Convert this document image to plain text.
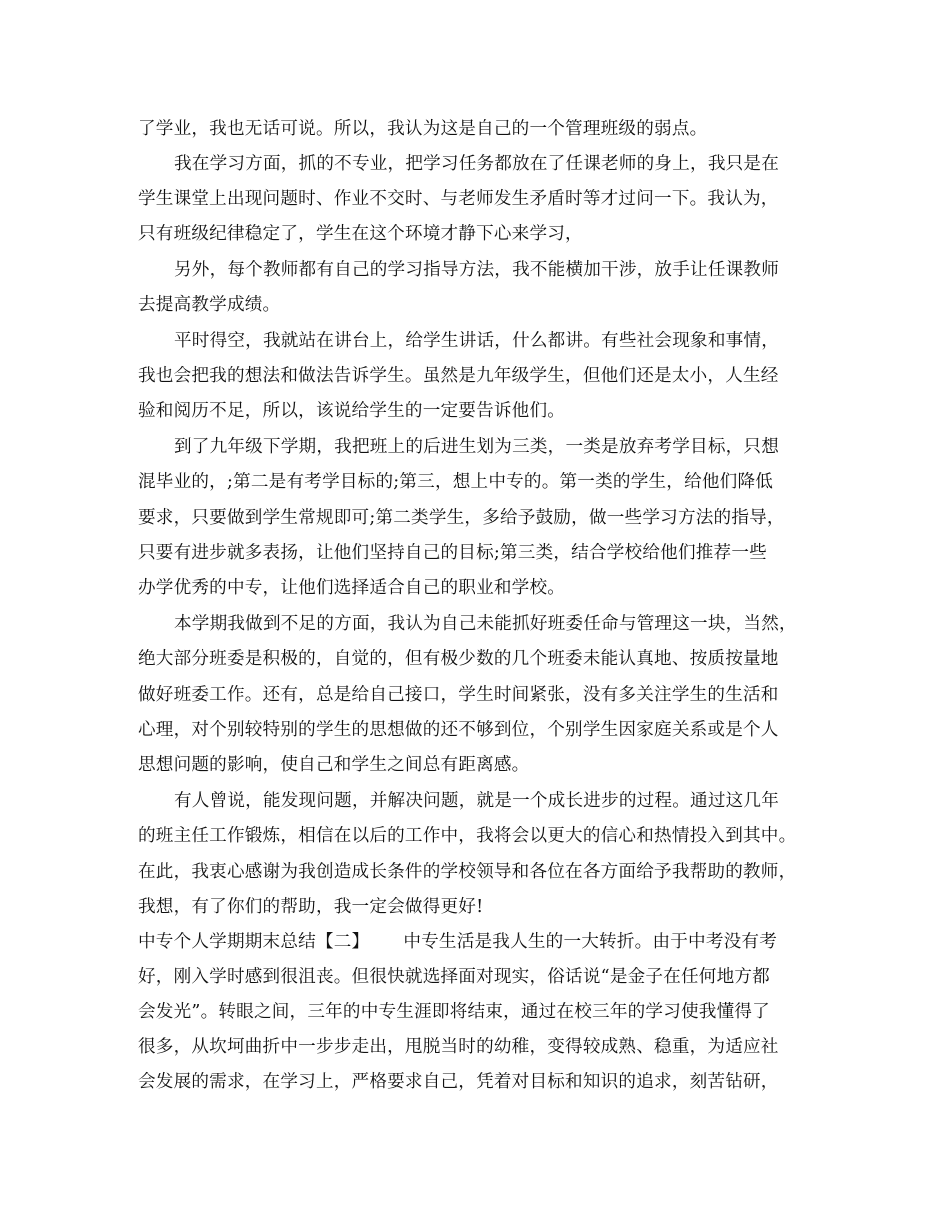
了学业，我也无话可说。所以，我认为这是自己的一个管理班级的弱点。
我在学习方面，抓的不专业，把学习任务都放在了任课老师的身上，我只是在
学生课堂上出现问题时、作业不交时、与老师发生矛盾时等才过问一下。我认为，
只有班级纪律稳定了，学生在这个环境才静下心来学习，
另外，每个教师都有自己的学习指导方法，我不能横加干涉，放手让任课教师
去提高教学成绩。
平时得空，我就站在讲台上，给学生讲话，什么都讲。有些社会现象和事情，
我也会把我的想法和做法告诉学生。虽然是九年级学生，但他们还是太小，人生经
验和阅历不足，所以，该说给学生的一定要告诉他们。
到了九年级下学期，我把班上的后进生划为三类，一类是放弃考学目标，只想
混毕业的，;第二是有考学目标的;第三，想上中专的。第一类的学生，给他们降低
要求，只要做到学生常规即可;第二类学生，多给予鼓励，做一些学习方法的指导，
只要有进步就多表扬，让他们坚持自己的目标;第三类，结合学校给他们推荐一些
办学优秀的中专，让他们选择适合自己的职业和学校。
本学期我做到不足的方面，我认为自己未能抓好班委任命与管理这一块，当然，
绝大部分班委是积极的，自觉的，但有极少数的几个班委未能认真地、按质按量地
做好班委工作。还有，总是给自己接口，学生时间紧张，没有多关注学生的生活和
心理，对个别较特别的学生的思想做的还不够到位，个别学生因家庭关系或是个人
思想问题的影响，使自己和学生之间总有距离感。
有人曾说，能发现问题，并解决问题，就是一个成长进步的过程。通过这几年
的班主任工作锻炼，相信在以后的工作中，我将会以更大的信心和热情投入到其中。
在此，我衷心感谢为我创造成长条件的学校领导和各位在各方面给予我帮助的教师，
我想，有了你们的帮助，我一定会做得更好!
中专个人学期期末总结【二】 中专生活是我人生的一大转折。由于中考没有考
好，刚入学时感到很沮丧。但很快就选择面对现实，俗话说“是金子在任何地方都
会发光”。转眼之间，三年的中专生涯即将结束，通过在校三年的学习使我懂得了
很多，从坎坷曲折中一步步走出，甩脱当时的幼稚，变得较成熟、稳重，为适应社
会发展的需求，在学习上，严格要求自己，凭着对目标和知识的追求，刻苦钻研，
